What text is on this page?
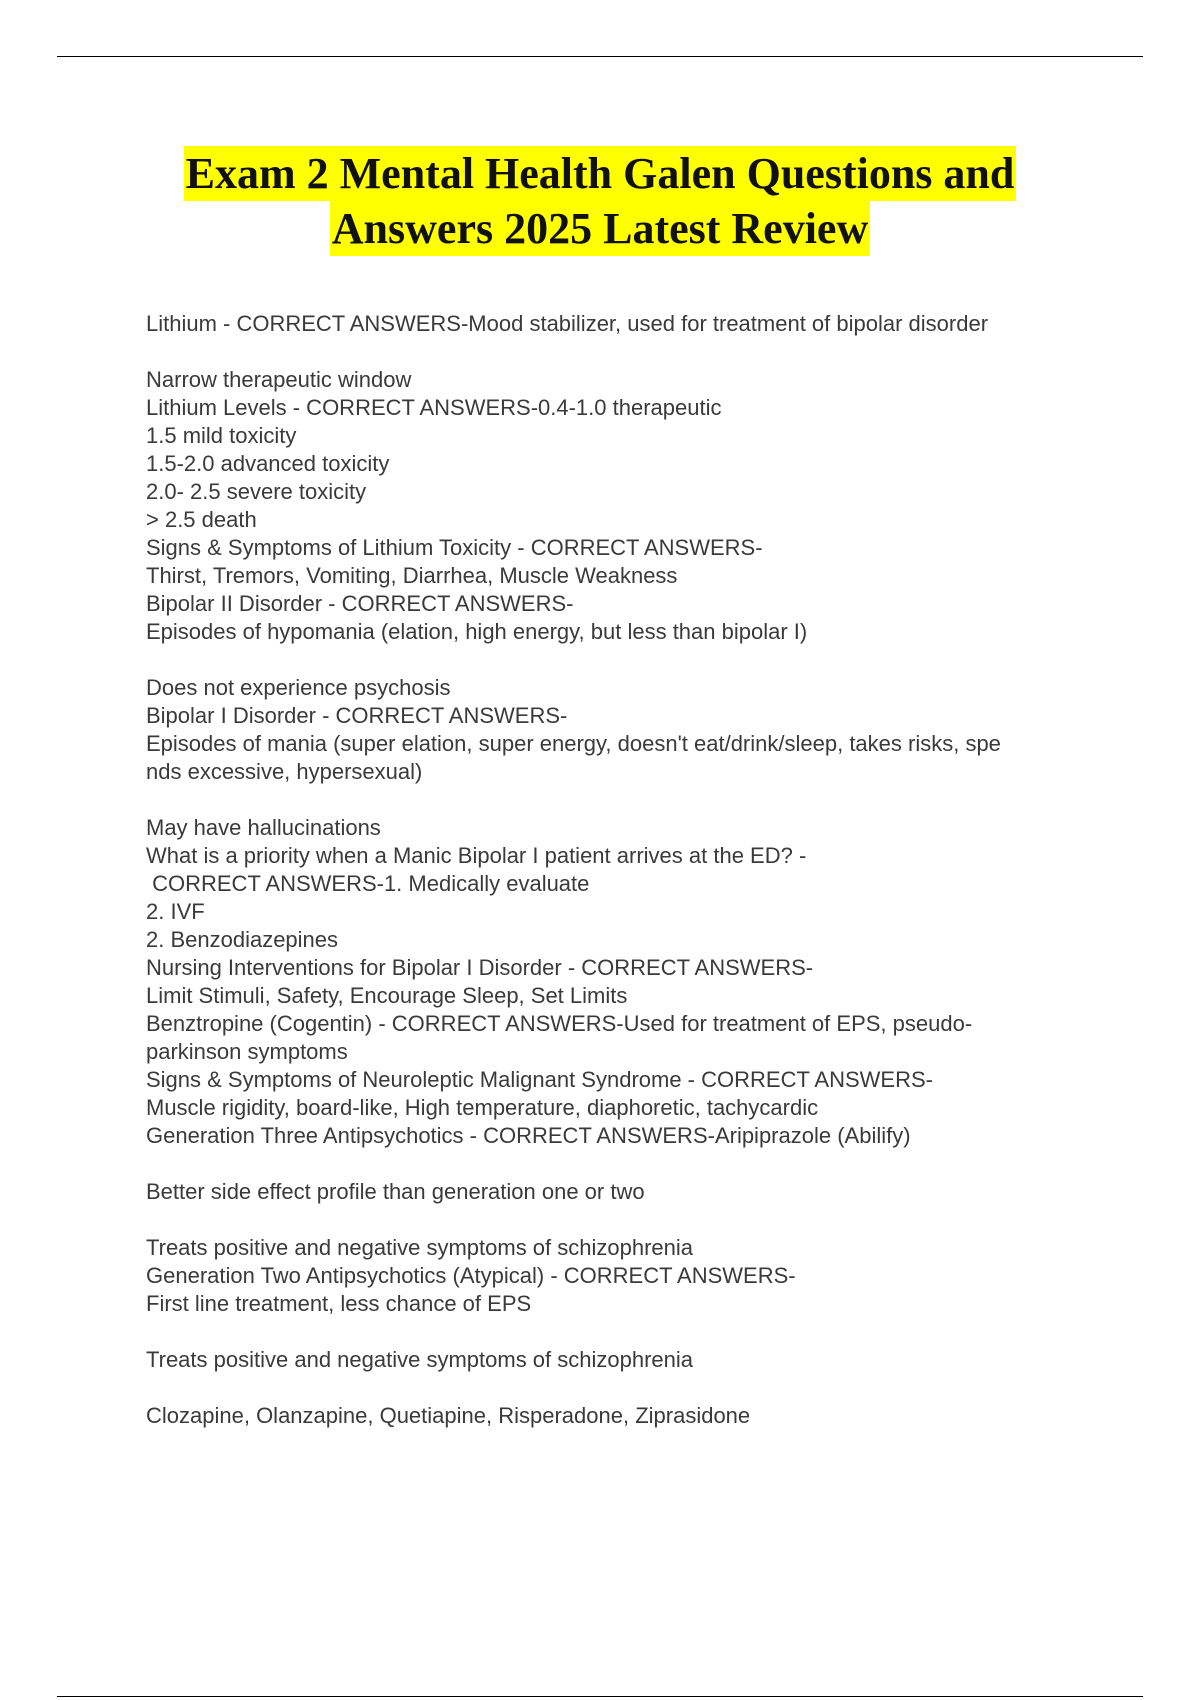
Exam 2 Mental Health Galen Questions and
Answers 2025 Latest Review
Lithium - CORRECT ANSWERS-Mood stabilizer, used for treatment of bipolar disorder
Narrow therapeutic window
Lithium Levels - CORRECT ANSWERS-0.4-1.0 therapeutic
1.5 mild toxicity
1.5-2.0 advanced toxicity
2.0- 2.5 severe toxicity
> 2.5 death
Signs & Symptoms of Lithium Toxicity - CORRECT ANSWERS-
Thirst, Tremors, Vomiting, Diarrhea, Muscle Weakness
Bipolar II Disorder - CORRECT ANSWERS-
Episodes of hypomania (elation, high energy, but less than bipolar I)
Does not experience psychosis
Bipolar I Disorder - CORRECT ANSWERS-
Episodes of mania (super elation, super energy, doesn't eat/drink/sleep, takes risks, spe
nds excessive, hypersexual)
May have hallucinations
What is a priority when a Manic Bipolar I patient arrives at the ED? -
CORRECT ANSWERS-1. Medically evaluate
2. IVF
2. Benzodiazepines
Nursing Interventions for Bipolar I Disorder - CORRECT ANSWERS-
Limit Stimuli, Safety, Encourage Sleep, Set Limits
Benztropine (Cogentin) - CORRECT ANSWERS-Used for treatment of EPS, pseudo-
parkinson symptoms
Signs & Symptoms of Neuroleptic Malignant Syndrome - CORRECT ANSWERS-
Muscle rigidity, board-like, High temperature, diaphoretic, tachycardic
Generation Three Antipsychotics - CORRECT ANSWERS-Aripiprazole (Abilify)
Better side effect profile than generation one or two
Treats positive and negative symptoms of schizophrenia
Generation Two Antipsychotics (Atypical) - CORRECT ANSWERS-
First line treatment, less chance of EPS
Treats positive and negative symptoms of schizophrenia
Clozapine, Olanzapine, Quetiapine, Risperadone, Ziprasidone
